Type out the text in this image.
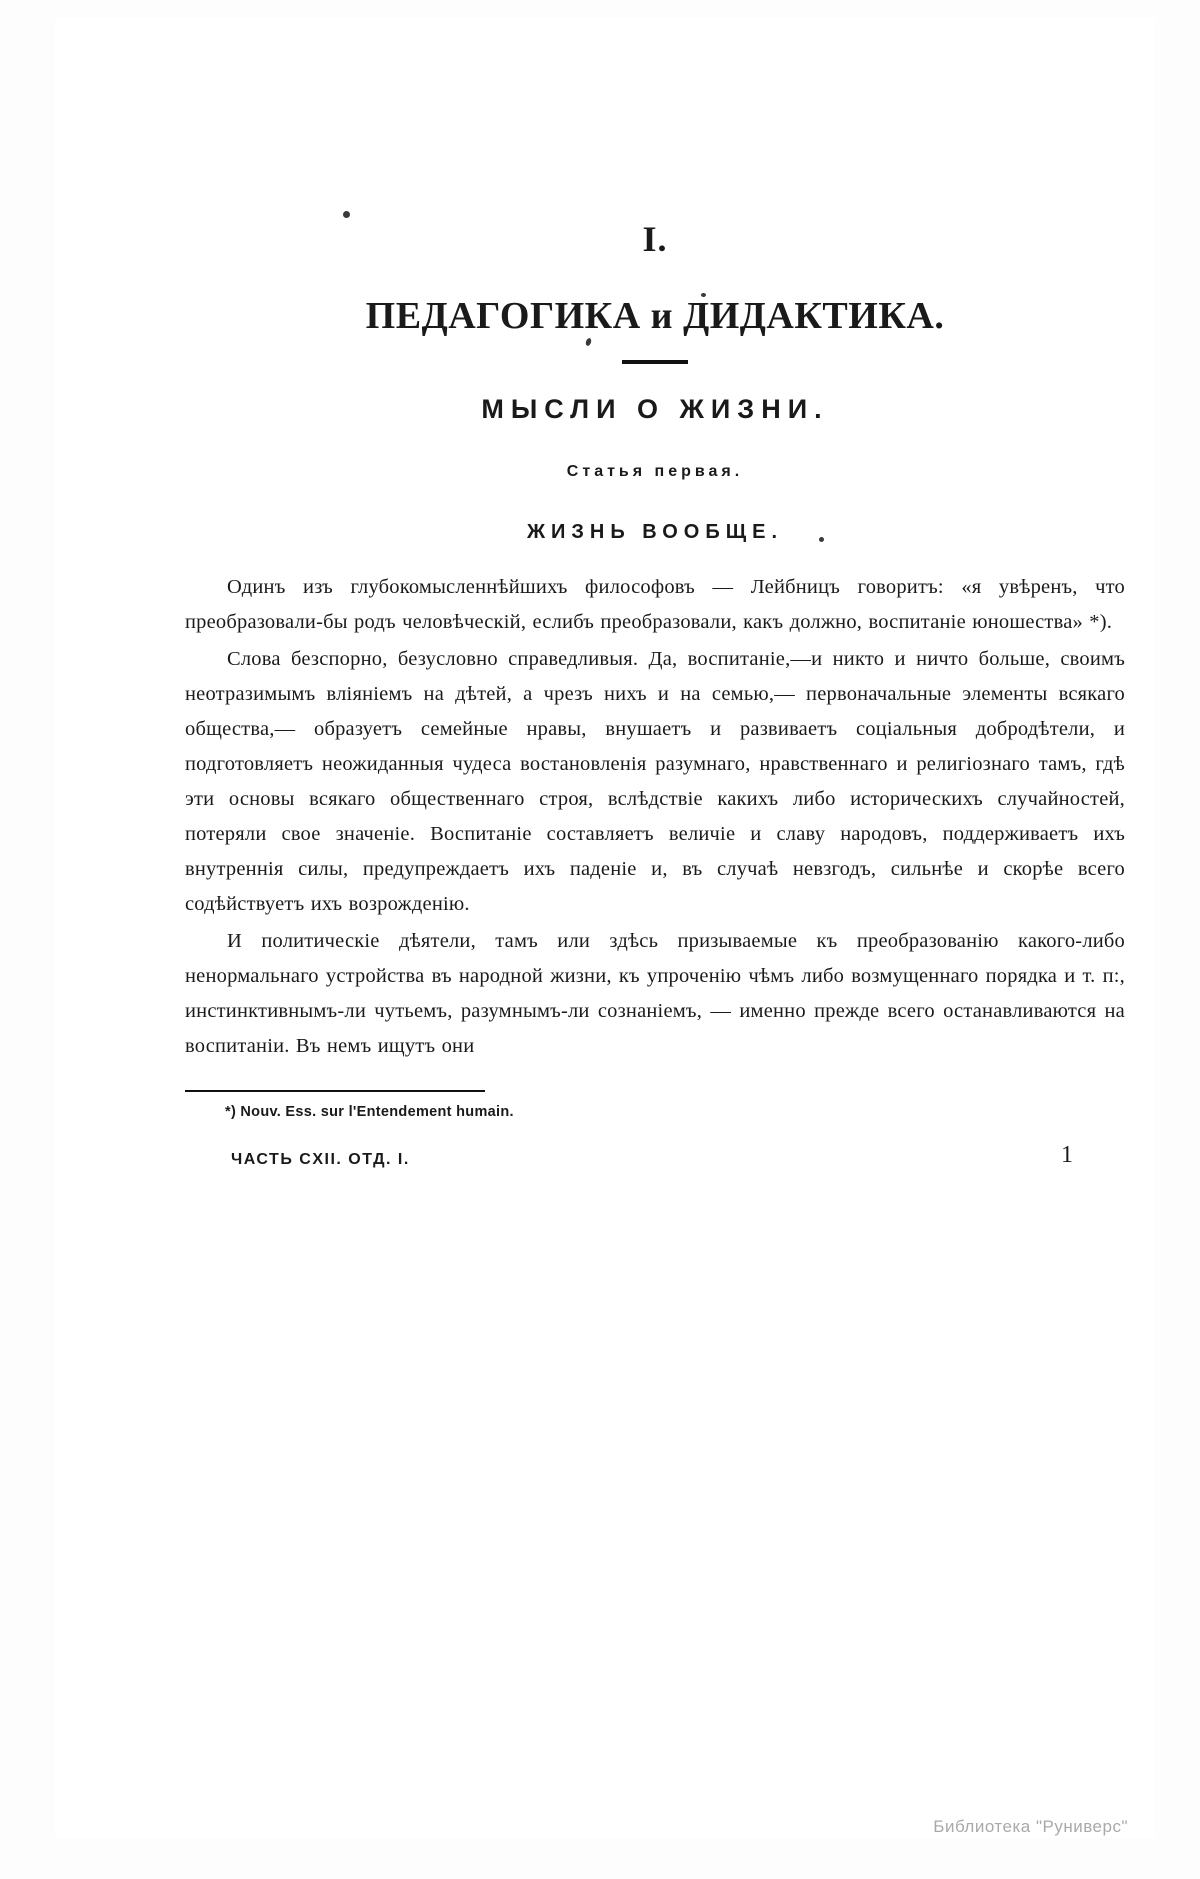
I.
ПЕДАГОГИКА и ДИДАКТИКА.
МЫСЛИ О ЖИЗНИ.
Статья первая.
ЖИЗНЬ ВООБЩЕ.

Одинъ изъ глубокомысленнѣйшихъ философовъ — Лейбницъ говоритъ: «я увѣренъ, что преобразовали-бы родъ человѣческій, еслибъ преобразовали, какъ должно, воспитаніе юношества» *).

Слова безспорно, безусловно справедливыя. Да, воспитаніе,—и никто и ничто больше, своимъ неотразимымъ вліяніемъ на дѣтей, а чрезъ нихъ и на семью,— первоначальные элементы всякаго общества,— образуетъ семейные нравы, внушаетъ и развиваетъ соціальныя добродѣтели, и подготовляетъ неожиданныя чудеса востановленія разумнаго, нравственнаго и религіознаго тамъ, гдѣ эти основы всякаго общественнаго строя, вслѣдствіе какихъ либо историческихъ случайностей, потеряли свое значеніе. Воспитаніе составляетъ величіе и славу народовъ, поддерживаетъ ихъ внутреннія силы, предупреждаетъ ихъ паденіе и, въ случаѣ невзгодъ, сильнѣе и скорѣе всего содѣйствуетъ ихъ возрожденію.

И политическіе дѣятели, тамъ или здѣсь призываемые къ преобразованію какого-либо ненормальнаго устройства въ народной жизни, къ упроченію чѣмъ либо возмущеннаго порядка и т. п:, инстинктивнымъ-ли чутьемъ, разумнымъ-ли сознаніемъ, — именно прежде всего останавливаются на воспитаніи. Въ немъ ищутъ они

*) Nouv. Ess. sur l'Entendement humain.
ЧАСТЬ CXII. ОТД. I.	1
Библиотека "Руниверс"
